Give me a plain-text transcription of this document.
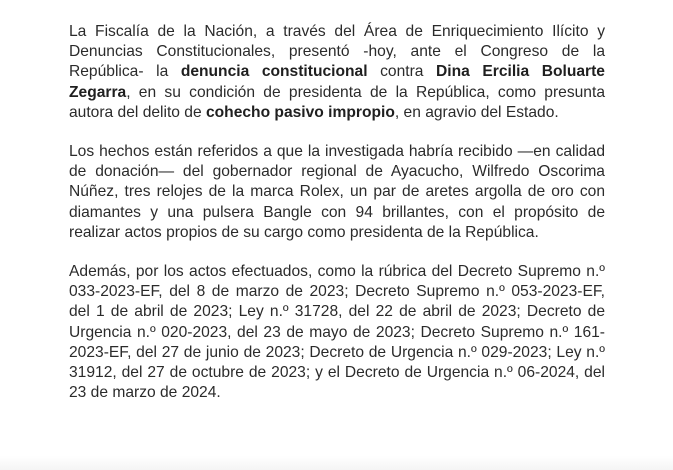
La Fiscalía de la Nación, a través del Área de Enriquecimiento Ilícito y Denuncias Constitucionales, presentó -hoy, ante el Congreso de la República- la denuncia constitucional contra Dina Ercilia Boluarte Zegarra, en su condición de presidenta de la República, como presunta autora del delito de cohecho pasivo impropio, en agravio del Estado.

Los hechos están referidos a que la investigada habría recibido —en calidad de donación— del gobernador regional de Ayacucho, Wilfredo Oscorima Núñez, tres relojes de la marca Rolex, un par de aretes argolla de oro con diamantes y una pulsera Bangle con 94 brillantes, con el propósito de realizar actos propios de su cargo como presidenta de la República.

Además, por los actos efectuados, como la rúbrica del Decreto Supremo n.º 033-2023-EF, del 8 de marzo de 2023; Decreto Supremo n.º 053-2023-EF, del 1 de abril de 2023; Ley n.º 31728, del 22 de abril de 2023; Decreto de Urgencia n.º 020-2023, del 23 de mayo de 2023; Decreto Supremo n.º 161-2023-EF, del 27 de junio de 2023; Decreto de Urgencia n.º 029-2023; Ley n.º 31912, del 27 de octubre de 2023; y el Decreto de Urgencia n.º 06-2024, del 23 de marzo de 2024.
